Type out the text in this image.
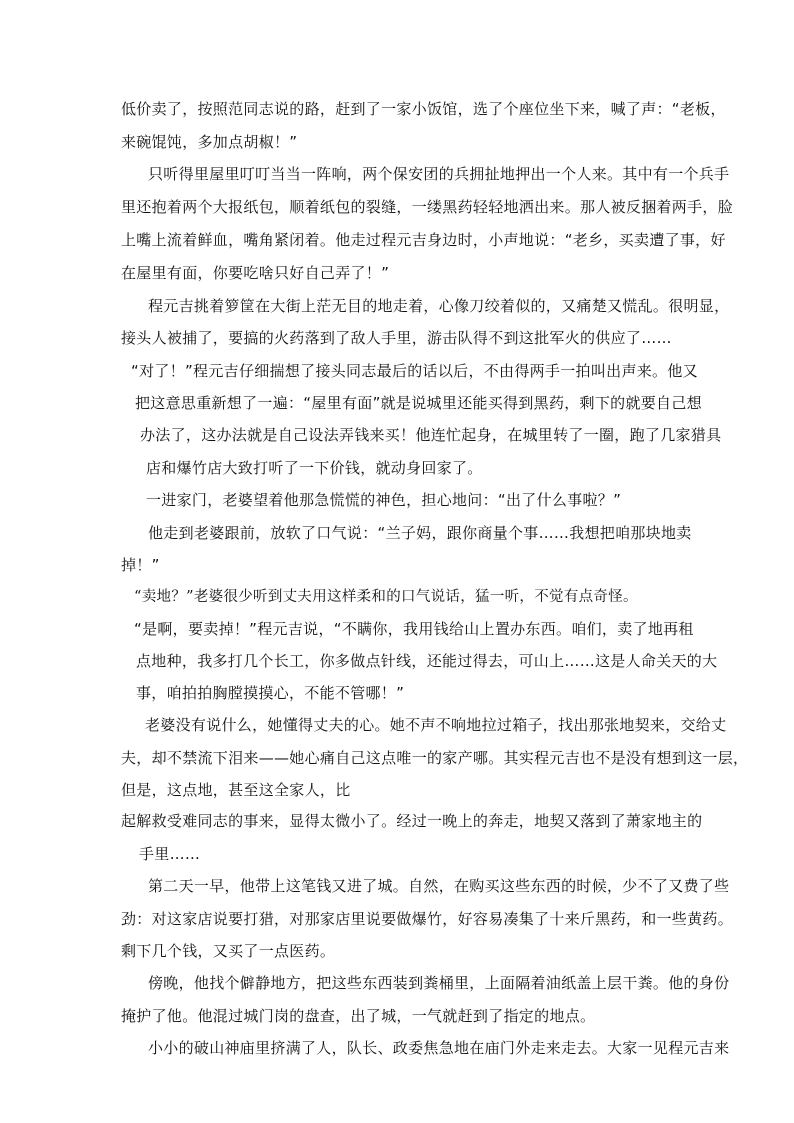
低价卖了，按照范同志说的路，赶到了一家小饭馆，选了个座位坐下来，喊了声：“老板，
来碗馄饨，多加点胡椒！”
只听得里屋里叮叮当当一阵响，两个保安团的兵拥扯地押出一个人来。其中有一个兵手
里还抱着两个大报纸包，顺着纸包的裂缝，一缕黑药轻轻地洒出来。那人被反捆着两手，脸
上嘴上流着鲜血，嘴角紧闭着。他走过程元吉身边时，小声地说：“老乡，买卖遭了事，好
在屋里有面，你要吃啥只好自己弄了！”
程元吉挑着箩筐在大街上茫无目的地走着，心像刀绞着似的，又痛楚又慌乱。很明显，
接头人被捕了，要搞的火药落到了敌人手里，游击队得不到这批军火的供应了……
“对了！”程元吉仔细揣想了接头同志最后的话以后，不由得两手一拍叫出声来。他又
把这意思重新想了一遍：“屋里有面”就是说城里还能买得到黑药，剩下的就要自己想
办法了，这办法就是自己设法弄钱来买！他连忙起身，在城里转了一圈，跑了几家猎具
店和爆竹店大致打听了一下价钱，就动身回家了。
一进家门，老婆望着他那急慌慌的神色，担心地问：“出了什么事啦？”
他走到老婆跟前，放软了口气说：“兰子妈，跟你商量个事……我想把咱那块地卖
掉！”
“卖地？”老婆很少听到丈夫用这样柔和的口气说话，猛一听，不觉有点奇怪。
“是啊，要卖掉！”程元吉说，“不瞒你，我用钱给山上置办东西。咱们，卖了地再租
点地种，我多打几个长工，你多做点针线，还能过得去，可山上……这是人命关天的大
事，咱拍拍胸膛摸摸心，不能不管哪！”
老婆没有说什么，她懂得丈夫的心。她不声不响地拉过箱子，找出那张地契来，交给丈
夫，却不禁流下泪来——她心痛自己这点唯一的家产哪。其实程元吉也不是没有想到这一层，
但是，这点地，甚至这全家人，比
起解救受难同志的事来，显得太微小了。经过一晚上的奔走，地契又落到了萧家地主的
手里……
第二天一早，他带上这笔钱又进了城。自然，在购买这些东西的时候，少不了又费了些
劲：对这家店说要打猎，对那家店里说要做爆竹，好容易凑集了十来斤黑药，和一些黄药。
剩下几个钱，又买了一点医药。
傍晚，他找个僻静地方，把这些东西装到粪桶里，上面隔着油纸盖上层干粪。他的身份
掩护了他。他混过城门岗的盘查，出了城，一气就赶到了指定的地点。
小小的破山神庙里挤满了人，队长、政委焦急地在庙门外走来走去。大家一见程元吉来
